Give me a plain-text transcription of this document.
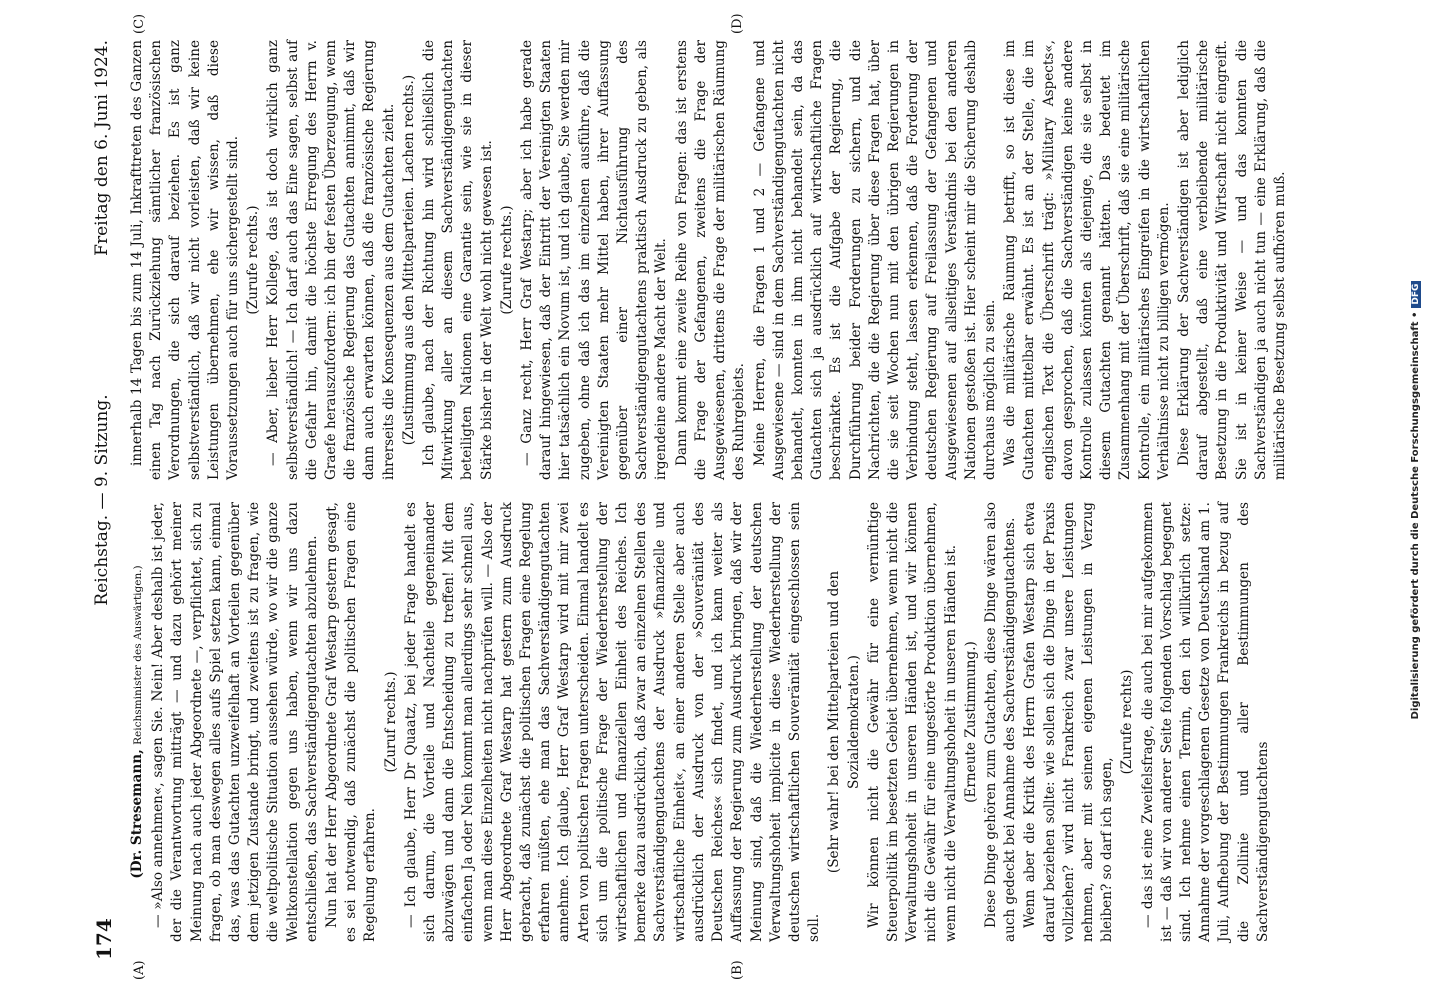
174
Reichstag. — 9. Sitzung.
Freitag den 6. Juni 1924.
(A)	(B)
(C)	(D)

(Dr. Stresemann, Reichsminister des Auswärtigen.) — »Also annehmen«, sagen Sie. Nein! Aber deshalb ist jeder, der die Verantwortung mitträgt — und dazu gehört meiner Meinung nach auch jeder Abgeordnete —, verpflichtet, sich zu fragen, ob man deswegen alles aufs Spiel setzen kann, einmal das, was das Gutachten unzweifelhaft an Vorteilen gegenüber dem jetzigen Zustande bringt, und zweitens ist zu fragen, wie die weltpolitische Situation aussehen würde, wo wir die ganze Weltkonstellation gegen uns haben, wenn wir uns dazu entschließen, das Sachverständigengutachten abzulehnen. Nun hat der Herr Abgeordnete Graf Westarp gestern gesagt, es sei notwendig, daß zunächst die politischen Fragen eine Regelung erfahren.

(Zuruf rechts.) — Ich glaube, Herr Dr Quaatz, bei jeder Frage handelt es sich darum, die Vorteile und Nachteile gegeneinander abzuwägen und dann die Entscheidung zu treffen! Mit dem einfachen Ja oder Nein kommt man allerdings sehr schnell aus, wenn man diese Einzelheiten nicht nachprüfen will. — Also der Herr Abgeordnete Graf Westarp hat gestern zum Ausdruck gebracht, daß zunächst die politischen Fragen eine Regelung erfahren müßten, ehe man das Sachverständigengutachten annehme. Ich glaube, Herr Graf Westarp wird mit mir zwei Arten von politischen Fragen unterscheiden. Einmal handelt es sich um die politische Frage der Wiederherstellung der wirtschaftlichen und finanziellen Einheit des Reiches. Ich bemerke dazu ausdrücklich, daß zwar an einzelnen Stellen des Sachverständigengutachtens der Ausdruck »finanzielle und wirtschaftliche Einheit«, an einer anderen Stelle aber auch ausdrücklich der Ausdruck von der »Souveränität des Deutschen Reiches« sich findet, und ich kann weiter als Auffassung der Regierung zum Ausdruck bringen, daß wir der Meinung sind, daß die Wiederherstellung der deutschen Verwaltungshoheit implicite in diese Wiederherstellung der deutschen wirtschaftlichen Souveränität eingeschlossen sein soll.

(Sehr wahr! bei den Mittelparteien und den Sozialdemokraten.) Wir können nicht die Gewähr für eine vernünftige Steuerpolitik im besetzten Gebiet übernehmen, wenn nicht die Verwaltungshoheit in unseren Händen ist, und wir können nicht die Gewähr für eine ungestörte Produktion übernehmen, wenn nicht die Verwaltungshoheit in unseren Händen ist. (Erneute Zustimmung.) Diese Dinge gehören zum Gutachten, diese Dinge wären also auch gedeckt bei Annahme des Sachverständigengutachtens. Wenn aber die Kritik des Herrn Grafen Westarp sich etwa darauf beziehen sollte: wie sollen sich die Dinge in der Praxis vollziehen? wird nicht Frankreich zwar unsere Leistungen nehmen, aber mit seinen eigenen Leistungen in Verzug bleiben? so darf ich sagen,

(Zurufe rechts) — das ist eine Zweifelsfrage, die auch bei mir aufgekommen ist — daß wir von anderer Seite folgenden Vorschlag begegnet sind. Ich nehme einen Termin, den ich willkürlich setze: Annahme der vorgeschlagenen Gesetze von Deutschland am 1. Juli, Aufhebung der Bestimmungen Frankreichs in bezug auf die Zollinie und aller Bestimmungen des Sachverständigengutachtens

innerhalb 14 Tagen bis zum 14 Juli, Inkrafttreten des Ganzen einen Tag nach Zurückziehung sämtlicher französischen Verordnungen, die sich darauf beziehen. Es ist ganz selbstverständlich, daß wir nicht vorleisten, daß wir keine Leistungen übernehmen, ehe wir wissen, daß diese Voraussetzungen auch für uns sichergestellt sind. (Zurufe rechts.) — Aber, lieber Herr Kollege, das ist doch wirklich ganz selbstverständlich! — Ich darf auch das Eine sagen, selbst auf die Gefahr hin, damit die höchste Erregung des Herrn v. Graefe herauszufordern: ich bin der festen Überzeugung, wenn die französische Regierung das Gutachten annimmt, daß wir dann auch erwarten können, daß die französische Regierung ihrerseits die Konsequenzen aus dem Gutachten zieht. (Zustimmung aus den Mittelparteien. Lachen rechts.) Ich glaube, nach der Richtung hin wird schließlich die Mitwirkung aller an diesem Sachverständigengutachten beteiligten Nationen eine Garantie sein, wie sie in dieser Stärke bisher in der Welt wohl nicht gewesen ist. (Zurufe rechts.) — Ganz recht, Herr Graf Westarp; aber ich habe gerade darauf hingewiesen, daß der Eintritt der Vereinigten Staaten hier tatsächlich ein Novum ist, und ich glaube, Sie werden mir zugeben, ohne daß ich das im einzelnen ausführe, daß die Vereinigten Staaten mehr Mittel haben, ihrer Auffassung gegenüber einer Nichtausführung des Sachverständigengutachtens praktisch Ausdruck zu geben, als irgendeine andere Macht der Welt. Dann kommt eine zweite Reihe von Fragen: das ist erstens die Frage der Gefangenen, zweitens die Frage der Ausgewiesenen, drittens die Frage der militärischen Räumung des Ruhrgebiets. Meine Herren, die Fragen 1 und 2 — Gefangene und Ausgewiesene — sind in dem Sachverständigengutachten nicht behandelt, konnten in ihm nicht behandelt sein, da das Gutachten sich ja ausdrücklich auf wirtschaftliche Fragen beschränkte. Es ist die Aufgabe der Regierung, die Durchführung beider Forderungen zu sichern, und die Nachrichten, die die Regierung über diese Fragen hat, über die sie seit Wochen nun mit den übrigen Regierungen in Verbindung steht, lassen erkennen, daß die Forderung der deutschen Regierung auf Freilassung der Gefangenen und Ausgewiesenen auf allseitiges Verständnis bei den anderen Nationen gestoßen ist. Hier scheint mir die Sicherung deshalb durchaus möglich zu sein. Was die militärische Räumung betrifft, so ist diese im Gutachten mittelbar erwähnt. Es ist an der Stelle, die im englischen Text die Überschrift trägt: »Military Aspects«, davon gesprochen, daß die Sachverständigen keine andere Kontrolle zulassen könnten als diejenige, die sie selbst in diesem Gutachten genannt hätten. Das bedeutet im Zusammenhang mit der Überschrift, daß sie eine militärische Kontrolle, ein militärisches Eingreifen in die wirtschaftlichen Verhältnisse nicht zu billigen vermögen. Diese Erklärung der Sachverständigen ist aber lediglich darauf abgestellt, daß eine verbleibende militärische Besetzung in die Produktivität und Wirtschaft nicht eingreift. Sie ist in keiner Weise — und das konnten die Sachverständigen ja auch nicht tun — eine Erklärung, daß die militärische Besetzung selbst aufhören muß.	Digitalisierung gefördert durch die Deutsche Forschungsgemeinschaft •DFG
